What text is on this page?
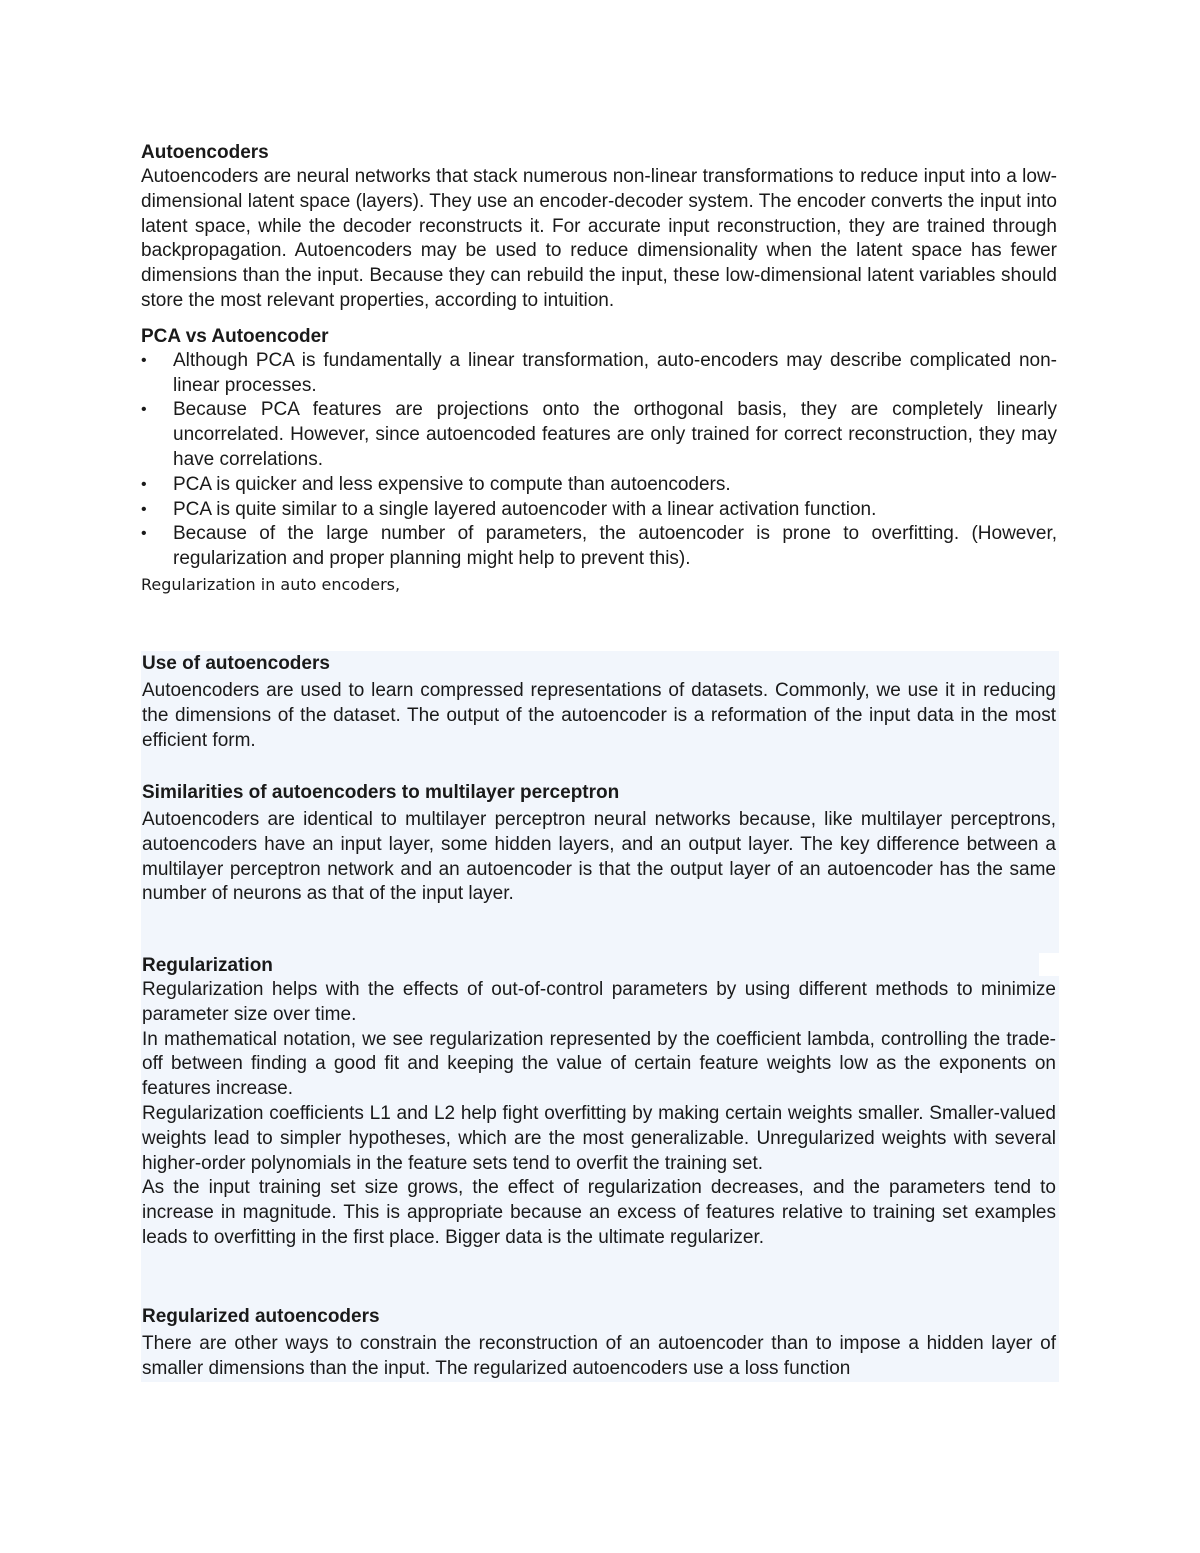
Autoencoders

Autoencoders are neural networks that stack numerous non-linear transformations to reduce input into a low-dimensional latent space (layers). They use an encoder-decoder system. The encoder converts the input into latent space, while the decoder reconstructs it. For accurate input reconstruction, they are trained through backpropagation. Autoencoders may be used to reduce dimensionality when the latent space has fewer dimensions than the input. Because they can rebuild the input, these low-dimensional latent variables should store the most relevant properties, according to intuition.

PCA vs Autoencoder
•	Although PCA is fundamentally a linear transformation, auto-encoders may describe complicated non-linear processes.
•	Because PCA features are projections onto the orthogonal basis, they are completely linearly uncorrelated. However, since autoencoded features are only trained for correct reconstruction, they may have correlations.
•	PCA is quicker and less expensive to compute than autoencoders.
•	PCA is quite similar to a single layered autoencoder with a linear activation function.
•	Because of the large number of parameters, the autoencoder is prone to overfitting. (However, regularization and proper planning might help to prevent this).

Regularization in auto encoders,

Use of autoencoders

Autoencoders are used to learn compressed representations of datasets. Commonly, we use it in reducing the dimensions of the dataset. The output of the autoencoder is a reformation of the input data in the most efficient form.

Similarities of autoencoders to multilayer perceptron

Autoencoders are identical to multilayer perceptron neural networks because, like multilayer perceptrons, autoencoders have an input layer, some hidden layers, and an output layer. The key difference between a multilayer perceptron network and an autoencoder is that the output layer of an autoencoder has the same number of neurons as that of the input layer.

Regularization

Regularization helps with the effects of out-of-control parameters by using different methods to minimize parameter size over time.

In mathematical notation, we see regularization represented by the coefficient lambda, controlling the trade-off between finding a good fit and keeping the value of certain feature weights low as the exponents on features increase.

Regularization coefficients L1 and L2 help fight overfitting by making certain weights smaller. Smaller-valued weights lead to simpler hypotheses, which are the most generalizable. Unregularized weights with several higher-order polynomials in the feature sets tend to overfit the training set.

As the input training set size grows, the effect of regularization decreases, and the parameters tend to increase in magnitude. This is appropriate because an excess of features relative to training set examples leads to overfitting in the first place. Bigger data is the ultimate regularizer.

Regularized autoencoders

There are other ways to constrain the reconstruction of an autoencoder than to impose a hidden layer of smaller dimensions than the input. The regularized autoencoders use a loss function
